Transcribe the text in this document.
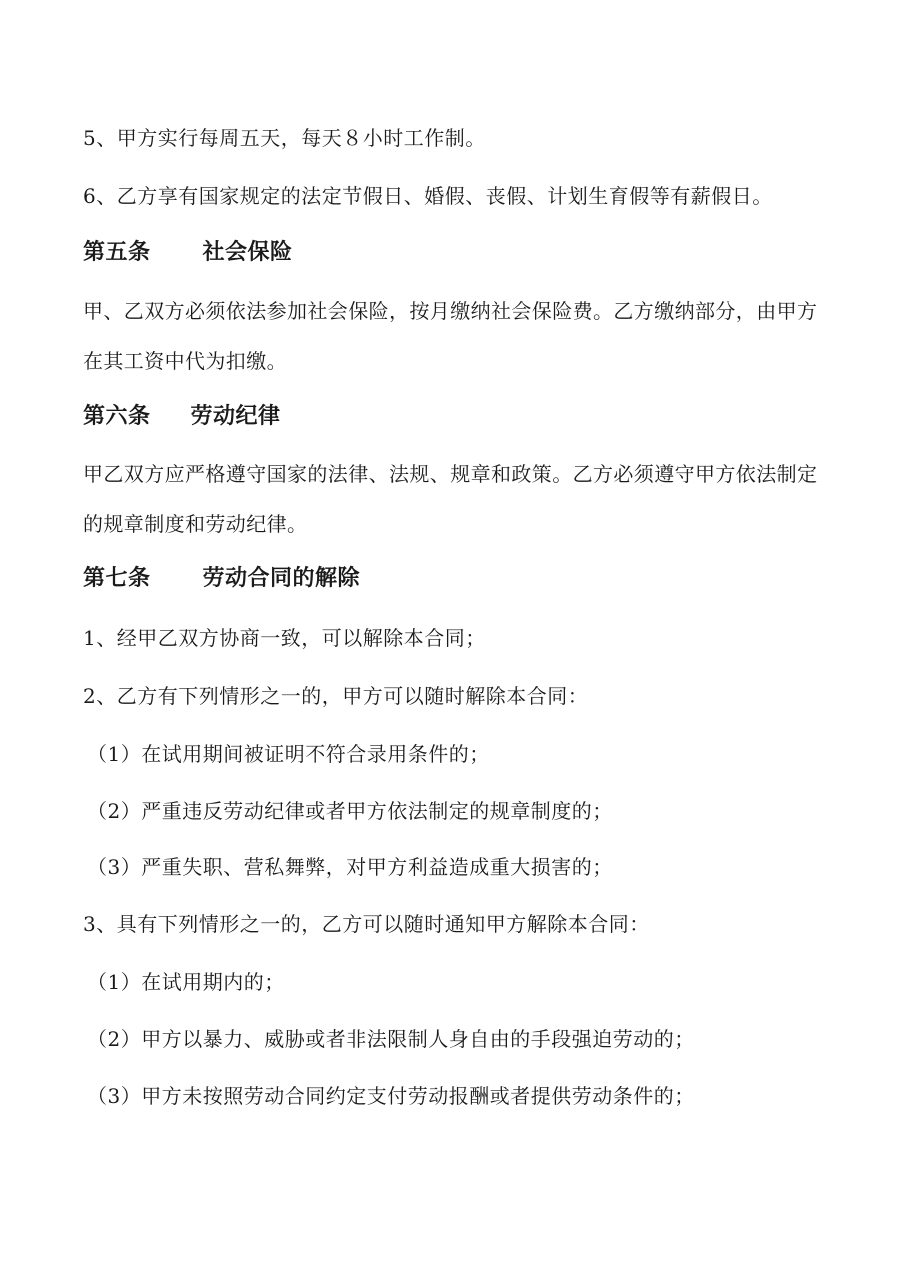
5、甲方实行每周五天，每天８小时工作制。
6、乙方享有国家规定的法定节假日、婚假、丧假、计划生育假等有薪假日。
第五条 社会保险
甲、乙双方必须依法参加社会保险，按月缴纳社会保险费。乙方缴纳部分，由甲方在其工资中代为扣缴。
第六条 劳动纪律
甲乙双方应严格遵守国家的法律、法规、规章和政策。乙方必须遵守甲方依法制定的规章制度和劳动纪律。
第七条 劳动合同的解除
1、经甲乙双方协商一致，可以解除本合同；
2、乙方有下列情形之一的，甲方可以随时解除本合同：
（1）在试用期间被证明不符合录用条件的；
（2）严重违反劳动纪律或者甲方依法制定的规章制度的；
（3）严重失职、营私舞弊，对甲方利益造成重大损害的；
3、具有下列情形之一的，乙方可以随时通知甲方解除本合同：
（1）在试用期内的；
（2）甲方以暴力、威胁或者非法限制人身自由的手段强迫劳动的；
（3）甲方未按照劳动合同约定支付劳动报酬或者提供劳动条件的；
